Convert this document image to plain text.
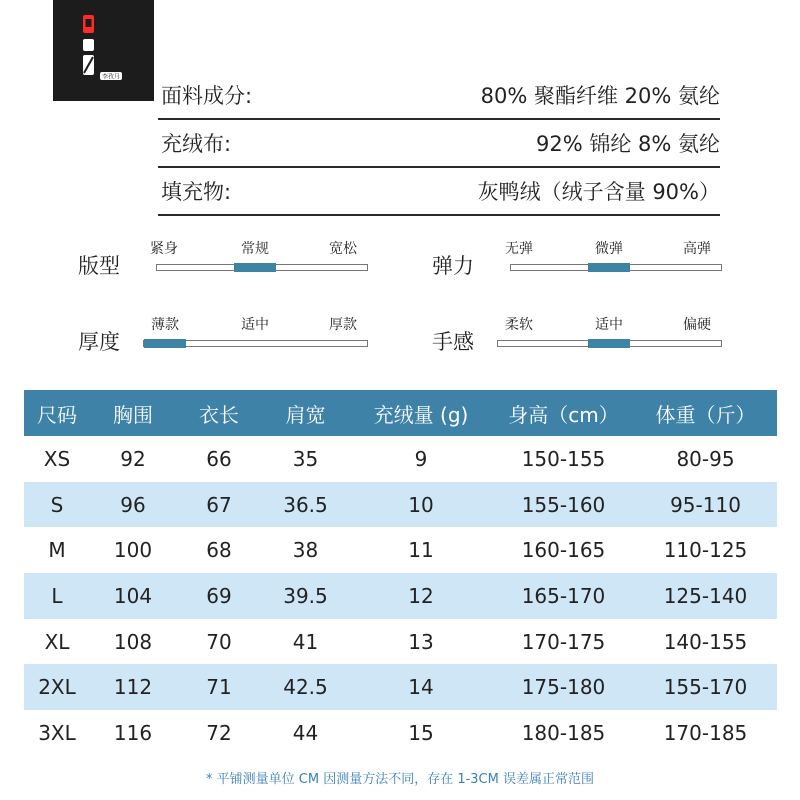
李孜月
面料成分:	80% 聚酯纤维 20% 氨纶
充绒布:	92% 锦纶 8% 氨纶
填充物:	灰鸭绒（绒子含量 90%）
版型
紧身	常规	宽松
弹力
无弹	微弹	高弹
厚度
薄款	适中	厚款
手感
柔软	适中	偏硬
尺码	胸围	衣长	肩宽	充绒量 (g)	身高（cm）	体重（斤）
XS	92	66	35	9	150-155	80-95
S	96	67	36.5	10	155-160	95-110
M	100	68	38	11	160-165	110-125
L	104	69	39.5	12	165-170	125-140
XL	108	70	41	13	170-175	140-155
2XL	112	71	42.5	14	175-180	155-170
3XL	116	72	44	15	180-185	170-185
* 平铺测量单位 CM 因测量方法不同，存在 1-3CM 误差属正常范围
